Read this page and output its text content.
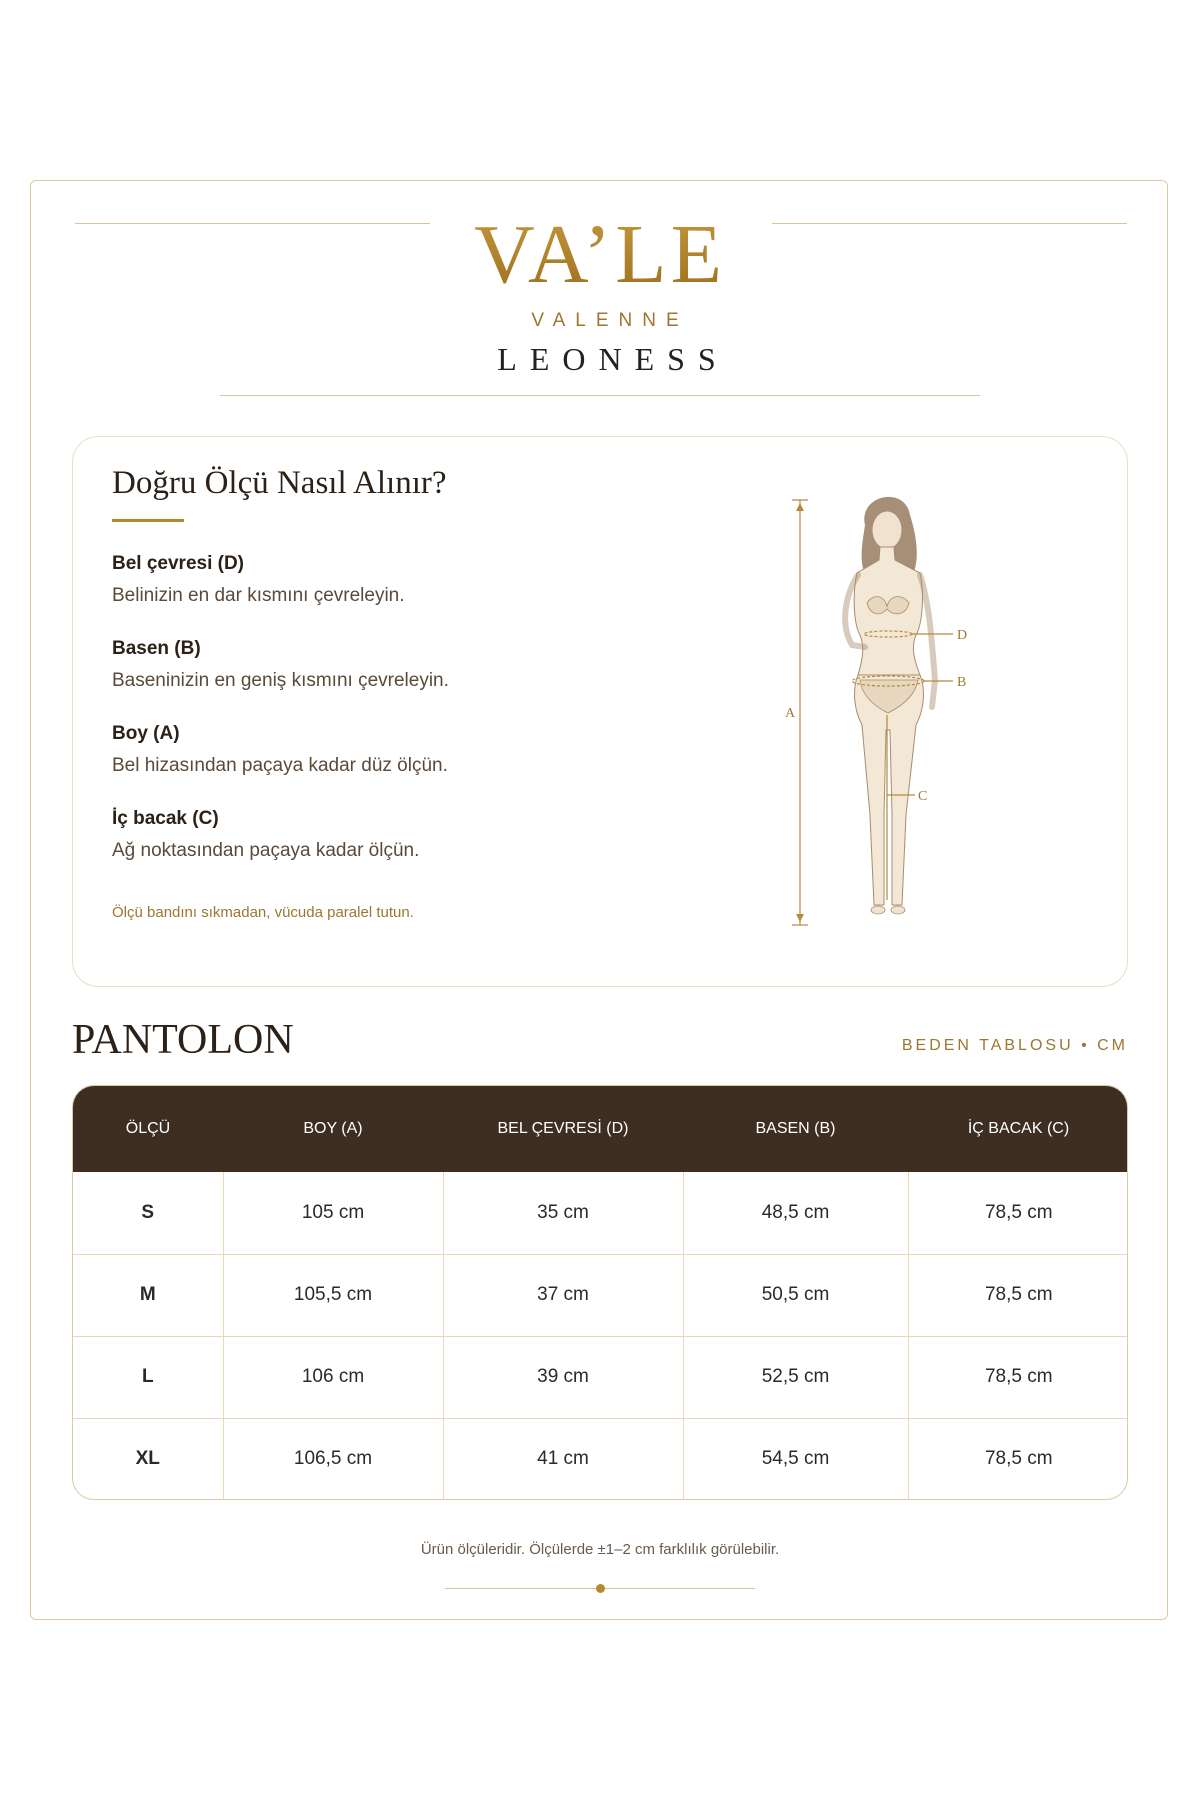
VA’LE
VALENNE
LEONESS
Doğru Ölçü Nasıl Alınır?
Bel çevresi (D)
Belinizin en dar kısmını çevreleyin.
Basen (B)
Baseninizin en geniş kısmını çevreleyin.
Boy (A)
Bel hizasından paçaya kadar düz ölçün.
İç bacak (C)
Ağ noktasından paçaya kadar ölçün.
Ölçü bandını sıkmadan, vücuda paralel tutun.
D
B
C
A
PANTOLON	BEDEN TABLOSU • CM
ÖLÇÜ	BOY (A)	BEL ÇEVRESİ (D)	BASEN (B)	İÇ BACAK (C)
S	105 cm	35 cm	48,5 cm	78,5 cm
M	105,5 cm	37 cm	50,5 cm	78,5 cm
L	106 cm	39 cm	52,5 cm	78,5 cm
XL	106,5 cm	41 cm	54,5 cm	78,5 cm
Ürün ölçüleridir. Ölçülerde ±1–2 cm farklılık görülebilir.
